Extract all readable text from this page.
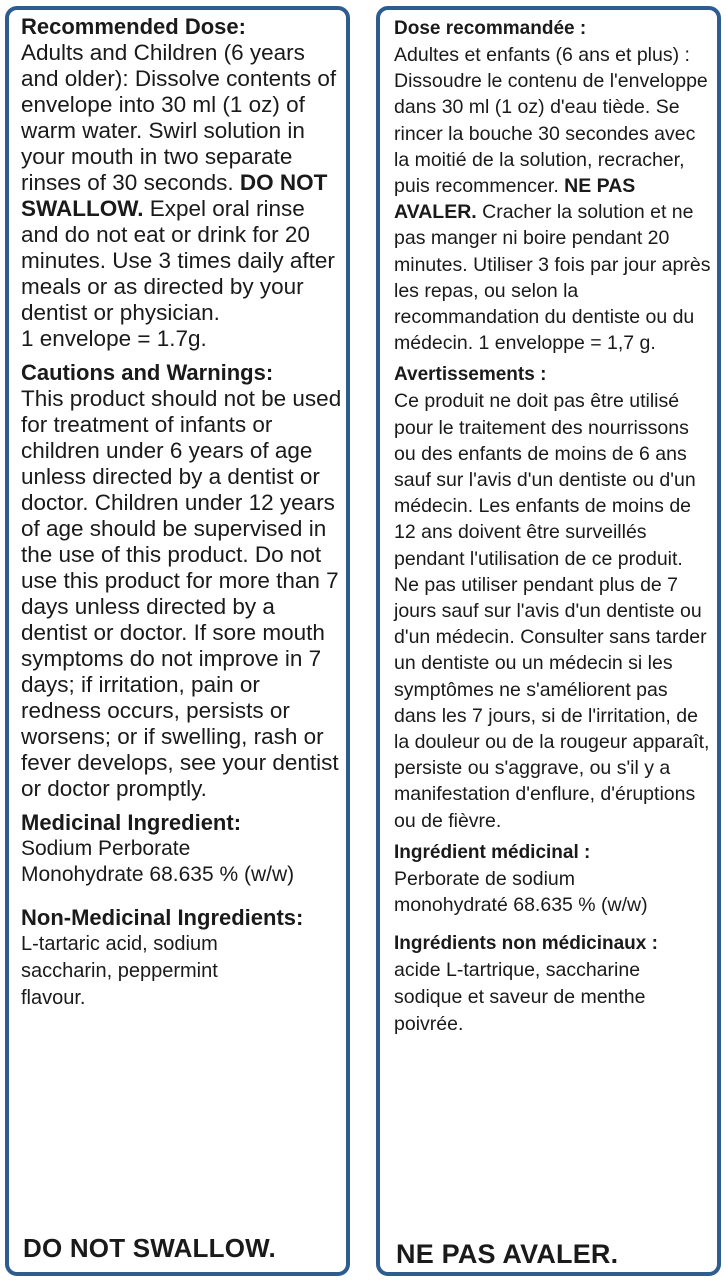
Recommended Dose:

Adults and Children (6 years and older): Dissolve contents of envelope into 30 ml (1 oz) of warm water. Swirl solution in your mouth in two separate rinses of 30 seconds. DO NOT SWALLOW. Expel oral rinse and do not eat or drink for 20 minutes. Use 3 times daily after meals or as directed by your dentist or physician.
1 envelope = 1.7g.

Cautions and Warnings:

This product should not be used for treatment of infants or children under 6 years of age unless directed by a dentist or doctor. Children under 12 years of age should be supervised in the use of this product. Do not use this product for more than 7 days unless directed by a dentist or doctor. If sore mouth symptoms do not improve in 7 days; if irritation, pain or redness occurs, persists or worsens; or if swelling, rash or fever develops, see your dentist or doctor promptly.

Medicinal Ingredient:

Sodium Perborate
Monohydrate 68.635 % (w/w)

Non-Medicinal Ingredients:

L-tartaric acid, sodium saccharin, peppermint flavour.

DO NOT SWALLOW.
Dose recommandée :

Adultes et enfants (6 ans et plus) : Dissoudre le contenu de l'enveloppe dans 30 ml (1 oz) d'eau tiède. Se rincer la bouche 30 secondes avec la moitié de la solution, recracher, puis recommencer. NE PAS AVALER. Cracher la solution et ne pas manger ni boire pendant 20 minutes. Utiliser 3 fois par jour après les repas, ou selon la recommandation du dentiste ou du médecin. 1 enveloppe = 1,7 g.

Avertissements :

Ce produit ne doit pas être utilisé pour le traitement des nourrissons ou des enfants de moins de 6 ans sauf sur l'avis d'un dentiste ou d'un médecin. Les enfants de moins de 12 ans doivent être surveillés pendant l'utilisation de ce produit. Ne pas utiliser pendant plus de 7 jours sauf sur l'avis d'un dentiste ou d'un médecin. Consulter sans tarder un dentiste ou un médecin si les symptômes ne s'améliorent pas dans les 7 jours, si de l'irritation, de la douleur ou de la rougeur apparaît, persiste ou s'aggrave, ou s'il y a manifestation d'enflure, d'éruptions ou de fièvre.

Ingrédient médicinal :

Perborate de sodium
monohydraté 68.635 % (w/w)

Ingrédients non médicinaux :

acide L-tartrique, saccharine sodique et saveur de menthe poivrée.

NE PAS AVALER.
